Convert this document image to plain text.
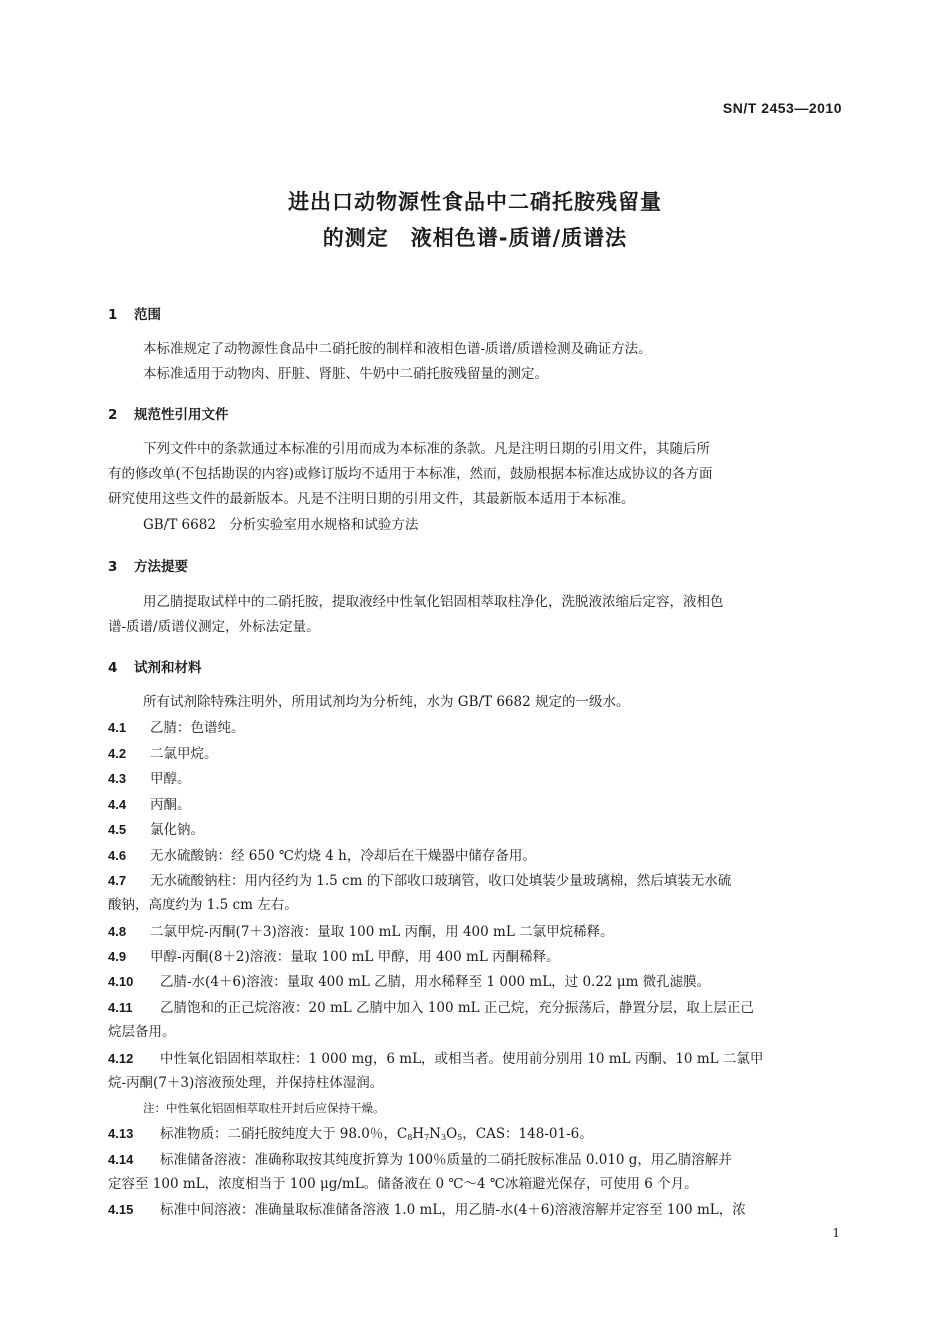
SN/T 2453—2010
进出口动物源性食品中二硝托胺残留量
的测定　液相色谱-质谱/质谱法
1 范围
本标准规定了动物源性食品中二硝托胺的制样和液相色谱-质谱/质谱检测及确证方法。
本标准适用于动物肉、肝脏、肾脏、牛奶中二硝托胺残留量的测定。
2 规范性引用文件
下列文件中的条款通过本标准的引用而成为本标准的条款。凡是注明日期的引用文件，其随后所
有的修改单(不包括勘误的内容)或修订版均不适用于本标准，然而，鼓励根据本标准达成协议的各方面
研究使用这些文件的最新版本。凡是不注明日期的引用文件，其最新版本适用于本标准。
GB/T 6682　分析实验室用水规格和试验方法
3 方法提要
用乙腈提取试样中的二硝托胺，提取液经中性氧化铝固相萃取柱净化，洗脱液浓缩后定容，液相色
谱-质谱/质谱仪测定，外标法定量。
4 试剂和材料
所有试剂除特殊注明外，所用试剂均为分析纯，水为 GB/T 6682 规定的一级水。
4.1 乙腈：色谱纯。
4.2 二氯甲烷。
4.3 甲醇。
4.4 丙酮。
4.5 氯化钠。
4.6 无水硫酸钠：经 650 ℃灼烧 4 h，冷却后在干燥器中储存备用。
4.7 无水硫酸钠柱：用内径约为 1.5 cm 的下部收口玻璃管，收口处填装少量玻璃棉，然后填装无水硫
酸钠，高度约为 1.5 cm 左右。
4.8 二氯甲烷-丙酮(7＋3)溶液：量取 100 mL 丙酮，用 400 mL 二氯甲烷稀释。
4.9 甲醇-丙酮(8＋2)溶液：量取 100 mL 甲醇，用 400 mL 丙酮稀释。
4.10 乙腈-水(4＋6)溶液：量取 400 mL 乙腈，用水稀释至 1 000 mL，过 0.22 μm 微孔滤膜。
4.11 乙腈饱和的正己烷溶液：20 mL 乙腈中加入 100 mL 正己烷，充分振荡后，静置分层，取上层正己
烷层备用。
4.12 中性氧化铝固相萃取柱：1 000 mg，6 mL，或相当者。使用前分别用 10 mL 丙酮、10 mL 二氯甲
烷-丙酮(7＋3)溶液预处理，并保持柱体湿润。
注：中性氧化铝固相萃取柱开封后应保持干燥。
4.13 标准物质：二硝托胺纯度大于 98.0％，$C_8H_7N_3O_5$，CAS：148-01-6。
4.14 标准储备溶液：准确称取按其纯度折算为 100％质量的二硝托胺标准品 0.010 g，用乙腈溶解并
定容至 100 mL，浓度相当于 100 μg/mL。储备液在 0 ℃～4 ℃冰箱避光保存，可使用 6 个月。
4.15 标准中间溶液：准确量取标准储备溶液 1.0 mL，用乙腈-水(4＋6)溶液溶解并定容至 100 mL，浓
1
